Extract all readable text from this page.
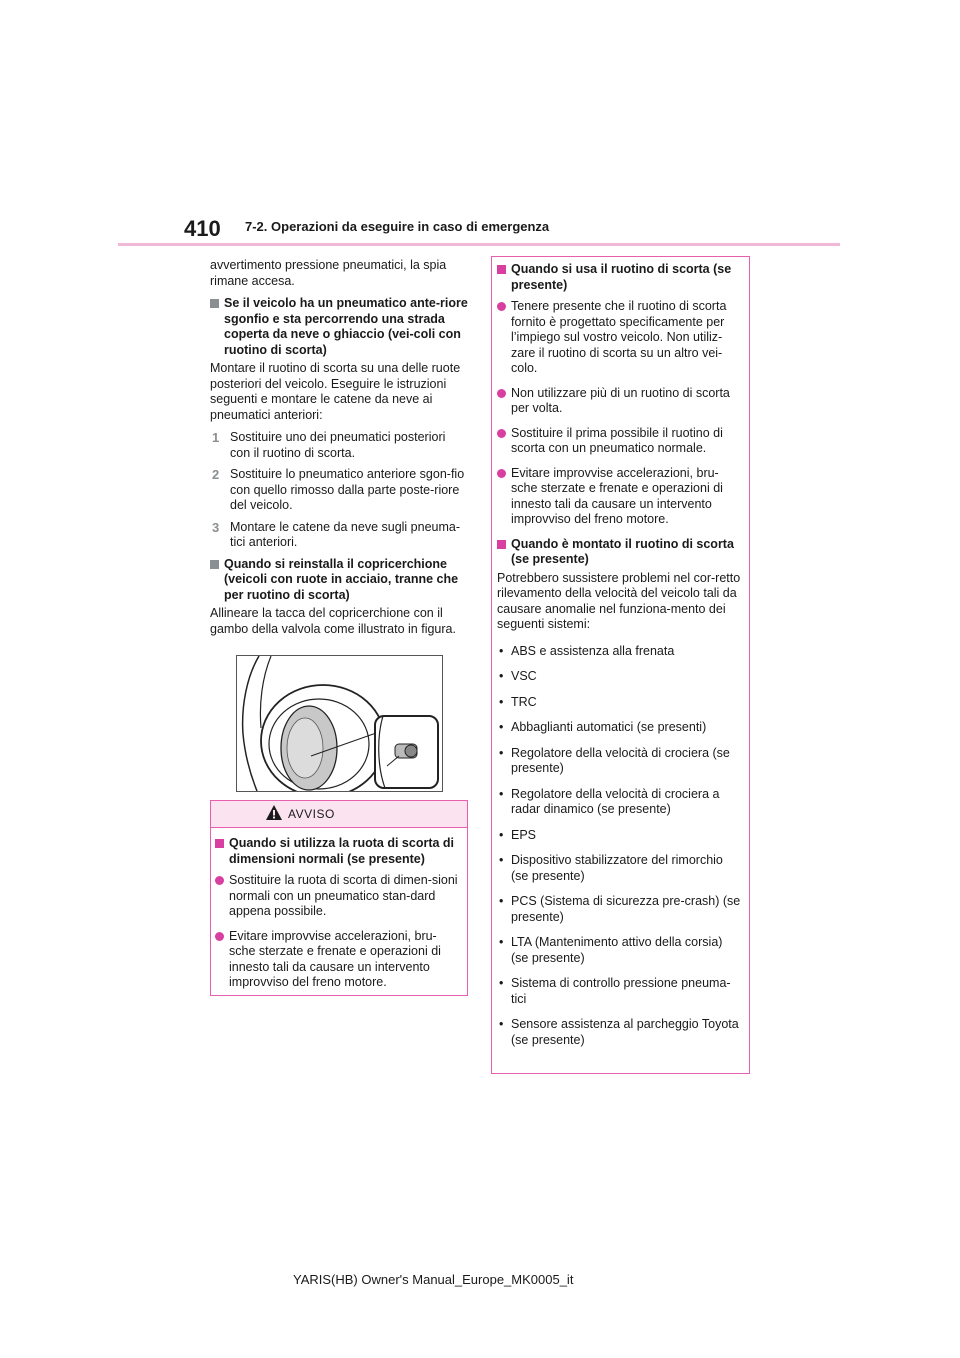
410 7-2. Operazioni da eseguire in caso di emergenza

avvertimento pressione pneumatici, la spia rimane accesa.

Se il veicolo ha un pneumatico ante-riore sgonfio e sta percorrendo una strada coperta da neve o ghiaccio (vei-coli con ruotino di scorta)

Montare il ruotino di scorta su una delle ruote posteriori del veicolo. Eseguire le istruzioni seguenti e montare le catene da neve ai pneumatici anteriori:

1 Sostituire uno dei pneumatici posteriori con il ruotino di scorta.
2 Sostituire lo pneumatico anteriore sgon-fio con quello rimosso dalla parte poste-riore del veicolo.
3 Montare le catene da neve sugli pneuma-tici anteriori.
Quando si reinstalla il copricerchione (veicoli con ruote in acciaio, tranne che per ruotino di scorta)

Allineare la tacca del copricerchione con il gambo della valvola come illustrato in figura.

AVVISO
Quando si utilizza la ruota di scorta di dimensioni normali (se presente)
Sostituire la ruota di scorta di dimen-sioni normali con un pneumatico stan-dard appena possibile.
Evitare improvvise accelerazioni, bru-sche sterzate e frenate e operazioni di innesto tali da causare un intervento improvviso del freno motore.
Quando si usa il ruotino di scorta (se presente)
Tenere presente che il ruotino di scorta fornito è progettato specificamente per l’impiego sul vostro veicolo. Non utiliz-zare il ruotino di scorta su un altro vei-colo.
Non utilizzare più di un ruotino di scorta per volta.
Sostituire il prima possibile il ruotino di scorta con un pneumatico normale.
Evitare improvvise accelerazioni, bru-sche sterzate e frenate e operazioni di innesto tali da causare un intervento improvviso del freno motore.
Quando è montato il ruotino di scorta (se presente)

Potrebbero sussistere problemi nel cor-retto rilevamento della velocità del veicolo tali da causare anomalie nel funziona-mento dei seguenti sistemi:

• ABS e assistenza alla frenata
• VSC
• TRC
• Abbaglianti automatici (se presenti)
• Regolatore della velocità di crociera (se presente)
• Regolatore della velocità di crociera a radar dinamico (se presente)
• EPS
• Dispositivo stabilizzatore del rimorchio (se presente)
• PCS (Sistema di sicurezza pre-crash) (se presente)
• LTA (Mantenimento attivo della corsia) (se presente)
• Sistema di controllo pressione pneuma-tici
• Sensore assistenza al parcheggio Toyota (se presente)
YARIS(HB) Owner's Manual_Europe_MK0005_it
